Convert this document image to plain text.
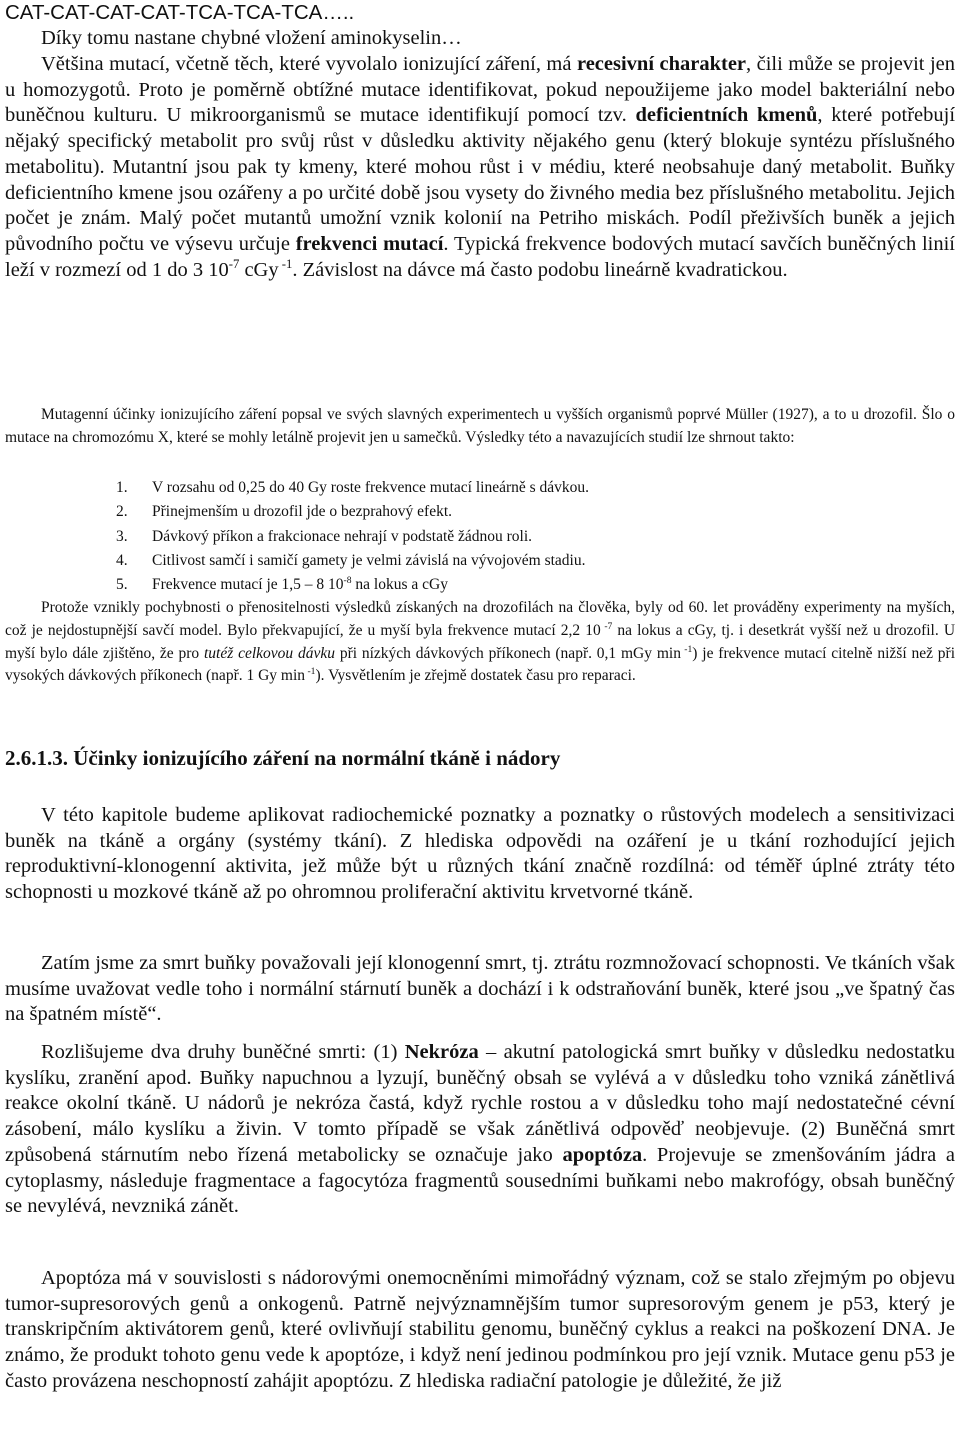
CAT-CAT-CAT-CAT-TCA-TCA-TCA…..
Díky tomu nastane chybné vložení aminokyselin…

Většina mutací, včetně těch, které vyvolalo ionizující záření, má recesivní charakter, čili může se projevit jen u homozygotů. Proto je poměrně obtížné mutace identifikovat, pokud nepoužijeme jako model bakteriální nebo buněčnou kulturu. U mikroorganismů se mutace identifikují pomocí tzv. deficientních kmenů, které potřebují nějaký specifický metabolit pro svůj růst v důsledku aktivity nějakého genu (který blokuje syntézu příslušného metabolitu). Mutantní jsou pak ty kmeny, které mohou růst i v médiu, které neobsahuje daný metabolit. Buňky deficientního kmene jsou ozářeny a po určité době jsou vysety do živného media bez příslušného metabolitu. Jejich počet je znám. Malý počet mutantů umožní vznik kolonií na Petriho miskách. Podíl přeživších buněk a jejich původního počtu ve výsevu určuje frekvenci mutací. Typická frekvence bodových mutací savčích buněčných linií leží v rozmezí od 1 do 3 $10^{-7}$ cGy $^{-1}$. Závislost na dávce má často podobu lineárně kvadratickou.

Mutagenní účinky ionizujícího záření popsal ve svých slavných experimentech u vyšších organismů poprvé Müller (1927), a to u drozofil. Šlo o mutace na chromozómu X, které se mohly letálně projevit jen u samečků. Výsledky této a navazujících studií lze shrnout takto:

1. V rozsahu od 0,25 do 40 Gy roste frekvence mutací lineárně s dávkou.
2. Přinejmenším u drozofil jde o bezprahový efekt.
3. Dávkový příkon a frakcionace nehrají v podstatě žádnou roli.
4. Citlivost samčí i samičí gamety je velmi závislá na vývojovém stadiu.
5. Frekvence mutací je 1,5 – 8 $10^{-8}$ na lokus a cGy

Protože vznikly pochybnosti o přenositelnosti výsledků získaných na drozofilách na člověka, byly od 60. let prováděny experimenty na myších, což je nejdostupnější savčí model. Bylo překvapující, že u myší byla frekvence mutací 2,2 10 $^{-7}$ na lokus a cGy, tj. i desetkrát vyšší než u drozofil. U myší bylo dále zjištěno, že pro tutéž celkovou dávku při nízkých dávkových příkonech (např. 0,1 mGy min $^{-1}$) je frekvence mutací citelně nižší než při vysokých dávkových příkonech (např. 1 Gy min $^{-1}$). Vysvětlením je zřejmě dostatek času pro reparaci.

2.6.1.3. Účinky ionizujícího záření na normální tkáně i nádory

V této kapitole budeme aplikovat radiochemické poznatky a poznatky o růstových modelech a sensitivizaci buněk na tkáně a orgány (systémy tkání). Z hlediska odpovědi na ozáření je u tkání rozhodující jejich reproduktivní-klonogenní aktivita, jež může být u různých tkání značně rozdílná: od téměř úplné ztráty této schopnosti u mozkové tkáně až po ohromnou proliferační aktivitu krvetvorné tkáně.

Zatím jsme za smrt buňky považovali její klonogenní smrt, tj. ztrátu rozmnožovací schopnosti. Ve tkáních však musíme uvažovat vedle toho i normální stárnutí buněk a dochází i k odstraňování buněk, které jsou „ve špatný čas na špatném místě“.

Rozlišujeme dva druhy buněčné smrti: (1) Nekróza – akutní patologická smrt buňky v důsledku nedostatku kyslíku, zranění apod. Buňky napuchnou a lyzují, buněčný obsah se vylévá a v důsledku toho vzniká zánětlivá reakce okolní tkáně. U nádorů je nekróza častá, když rychle rostou a v důsledku toho mají nedostatečné cévní zásobení, málo kyslíku a živin. V tomto případě se však zánětlivá odpověď neobjevuje. (2) Buněčná smrt způsobená stárnutím nebo řízená metabolicky se označuje jako apoptóza. Projevuje se zmenšováním jádra a cytoplasmy, následuje fragmentace a fagocytóza fragmentů sousedními buňkami nebo makrofógy, obsah buněčný se nevylévá, nevzniká zánět.

Apoptóza má v souvislosti s nádorovými onemocněními mimořádný význam, což se stalo zřejmým po objevu tumor-supresorových genů a onkogenů. Patrně nejvýznamnějším tumor supresorovým genem je p53, který je transkripčním aktivátorem genů, které ovlivňují stabilitu genomu, buněčný cyklus a reakci na poškození DNA. Je známo, že produkt tohoto genu vede k apoptóze, i když není jedinou podmínkou pro její vznik. Mutace genu p53 je často provázena neschopností zahájit apoptózu. Z hlediska radiační patologie je důležité, že již
